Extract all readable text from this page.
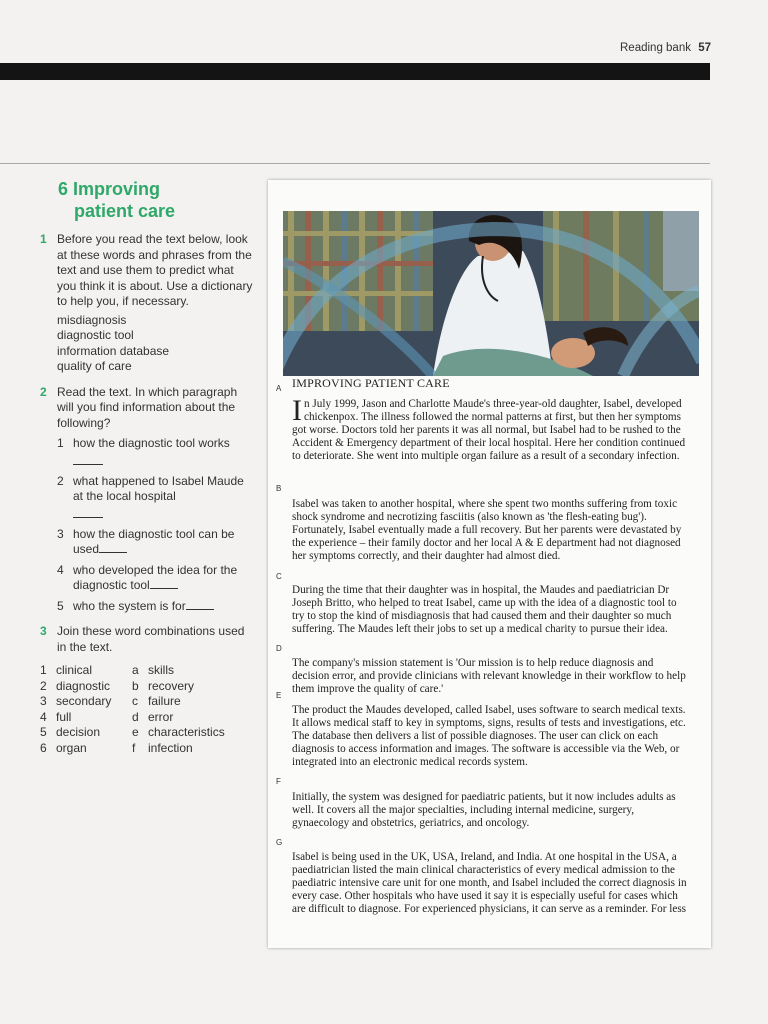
Reading bank 57
6 Improving
patient care
1 Before you read the text below, look at these words and phrases from the text and use them to predict what you think it is about. Use a dictionary to help you, if necessary.
misdiagnosis
diagnostic tool
information database
quality of care
2 Read the text. In which paragraph will you find information about the following?
1 how the diagnostic tool works
2 what happened to Isabel Maude at the local hospital
3 how the diagnostic tool can be used
4 who developed the idea for the diagnostic tool
5 who the system is for
3 Join these word combinations used in the text.
1 clinical	a skills
2 diagnostic	b recovery
3 secondary	c failure
4 full	d error
5 decision	e characteristics
6 organ	f	infection
IMPROVING PATIENT CARE
A
In July 1999, Jason and Charlotte Maude's three-year-old daughter, Isabel, developed chickenpox. The illness followed the normal patterns at first, but then her symptoms got worse. Doctors told her parents it was all normal, but Isabel had to be rushed to the Accident & Emergency department of their local hospital. Here her condition continued to deteriorate. She went into multiple organ failure as a result of a secondary infection.
B
Isabel was taken to another hospital, where she spent two months suffering from toxic shock syndrome and necrotizing fasciitis (also known as 'the flesh-eating bug'). Fortunately, Isabel eventually made a full recovery. But her parents were devastated by the experience – their family doctor and her local A & E department had not diagnosed her symptoms correctly, and their daughter had almost died.
C
During the time that their daughter was in hospital, the Maudes and paediatrician Dr Joseph Britto, who helped to treat Isabel, came up with the idea of a diagnostic tool to try to stop the kind of misdiagnosis that had caused them and their daughter so much suffering. The Maudes left their jobs to set up a medical charity to pursue their idea.
D
The company's mission statement is 'Our mission is to help reduce diagnosis and decision error, and provide clinicians with relevant knowledge in their workflow to help them improve the quality of care.'
E
The product the Maudes developed, called Isabel, uses software to search medical texts. It allows medical staff to key in symptoms, signs, results of tests and investigations, etc. The database then delivers a list of possible diagnoses. The user can click on each diagnosis to access information and images. The software is accessible via the Web, or integrated into an electronic medical records system.
F
Initially, the system was designed for paediatric patients, but it now includes adults as well. It covers all the major specialties, including internal medicine, surgery, gynaecology and obstetrics, geriatrics, and oncology.
G
Isabel is being used in the UK, USA, Ireland, and India. At one hospital in the USA, a paediatrician listed the main clinical characteristics of every medical admission to the paediatric intensive care unit for one month, and Isabel included the correct diagnosis in every case. Other hospitals who have used it say it is especially useful for cases which are difficult to diagnose. For experienced physicians, it can serve as a reminder. For less
